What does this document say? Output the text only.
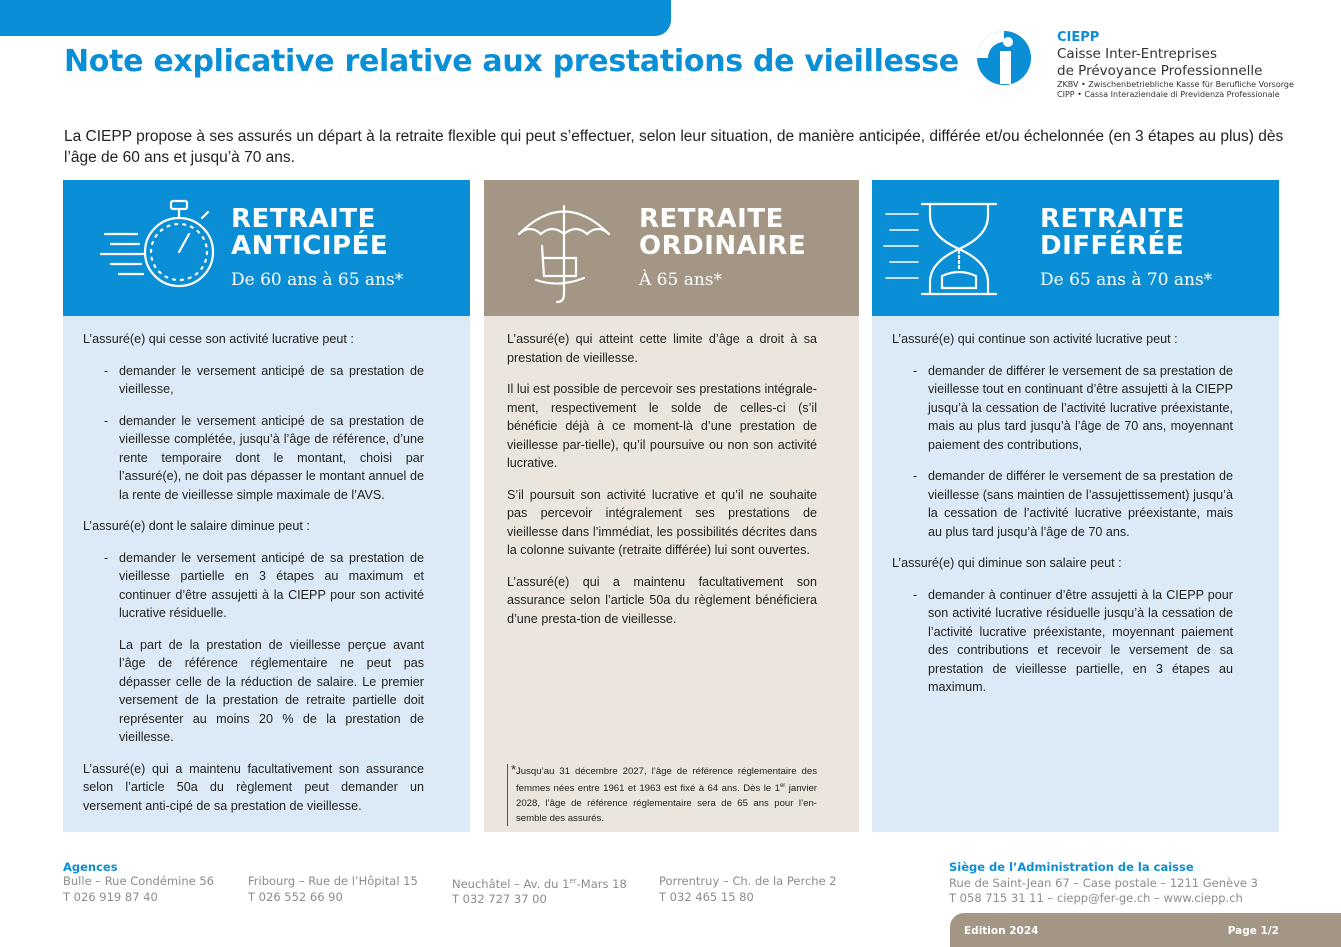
Note explicative relative aux prestations de vieillesse
CIEPP
Caisse Inter-Entreprises
de Prévoyance Professionnelle
ZKBV • Zwischenbetriebliche Kasse für Berufliche Vorsorge
CIPP • Cassa Interaziendale di Previdenza Professionale

La CIEPP propose à ses assurés un départ à la retraite flexible qui peut s’effectuer, selon leur situation, de manière anticipée, différée et/ou échelonnée (en 3 étapes au plus) dès l’âge de 60 ans et jusqu’à 70 ans.

RETRAITE
ANTICIPÉE
De 60 ans à 65 ans*

L’assuré(e) qui cesse son activité lucrative peut :

- demander le versement anticipé de sa prestation de vieillesse,

- demander le versement anticipé de sa prestation de vieillesse complétée, jusqu’à l’âge de référence, d’une rente temporaire dont le montant, choisi par l’assuré(e), ne doit pas dépasser le montant annuel de la rente de vieillesse simple maximale de l’AVS.

L’assuré(e) dont le salaire diminue peut :

- demander le versement anticipé de sa prestation de vieillesse partielle en 3 étapes au maximum et continuer d’être assujetti à la CIEPP pour son activité lucrative résiduelle.

La part de la prestation de vieillesse perçue avant l’âge de référence réglementaire ne peut pas dépasser celle de la réduction de salaire. Le premier versement de la prestation de retraite partielle doit représenter au moins 20 % de la prestation de vieillesse.

L’assuré(e) qui a maintenu facultativement son assurance selon l’article 50a du règlement peut demander un versement anti-cipé de sa prestation de vieillesse.

RETRAITE
ORDINAIRE
À 65 ans*

L’assuré(e) qui atteint cette limite d’âge a droit à sa prestation de vieillesse.

Il lui est possible de percevoir ses prestations intégrale-ment, respectivement le solde de celles-ci (s’il bénéficie déjà à ce moment-là d’une prestation de vieillesse par-tielle), qu’il poursuive ou non son activité lucrative.

S’il poursuit son activité lucrative et qu’il ne souhaite pas percevoir intégralement ses prestations de vieillesse dans l’immédiat, les possibilités décrites dans la colonne suivante (retraite différée) lui sont ouvertes.

L’assuré(e) qui a maintenu facultativement son assurance selon l’article 50a du règlement bénéficiera d’une presta-tion de vieillesse.

* Jusqu’au 31 décembre 2027, l’âge de référence réglementaire des femmes nées entre 1961 et 1963 est fixé à 64 ans. Dès le 1er janvier 2028, l’âge de référence réglementaire sera de 65 ans pour l’en-semble des assurés.
RETRAITE
DIFFÉRÉE
De 65 ans à 70 ans*

L’assuré(e) qui continue son activité lucrative peut :

- demander de différer le versement de sa prestation de vieillesse tout en continuant d’être assujetti à la CIEPP jusqu’à la cessation de l’activité lucrative préexistante, mais au plus tard jusqu’à l’âge de 70 ans, moyennant paiement des contributions,

- demander de différer le versement de sa prestation de vieillesse (sans maintien de l’assujettissement) jusqu’à la cessation de l’activité lucrative préexistante, mais au plus tard jusqu’à l’âge de 70 ans.

L’assuré(e) qui diminue son salaire peut :

- demander à continuer d’être assujetti à la CIEPP pour son activité lucrative résiduelle jusqu’à la cessation de l’activité lucrative préexistante, moyennant paiement des contributions et recevoir le versement de sa prestation de vieillesse partielle, en 3 étapes au maximum.

Agences
Bulle – Rue Condémine 56
T 026 919 87 40
Fribourg – Rue de l’Hôpital 15
T 026 552 66 90
Neuchâtel – Av. du 1er-Mars 18
T 032 727 37 00
Porrentruy – Ch. de la Perche 2
T 032 465 15 80
Siège de l’Administration de la caisse
Rue de Saint-Jean 67 – Case postale – 1211 Genève 3
T 058 715 31 11 – ciepp@fer-ge.ch – www.ciepp.ch
Edition 2024	Page 1/2
